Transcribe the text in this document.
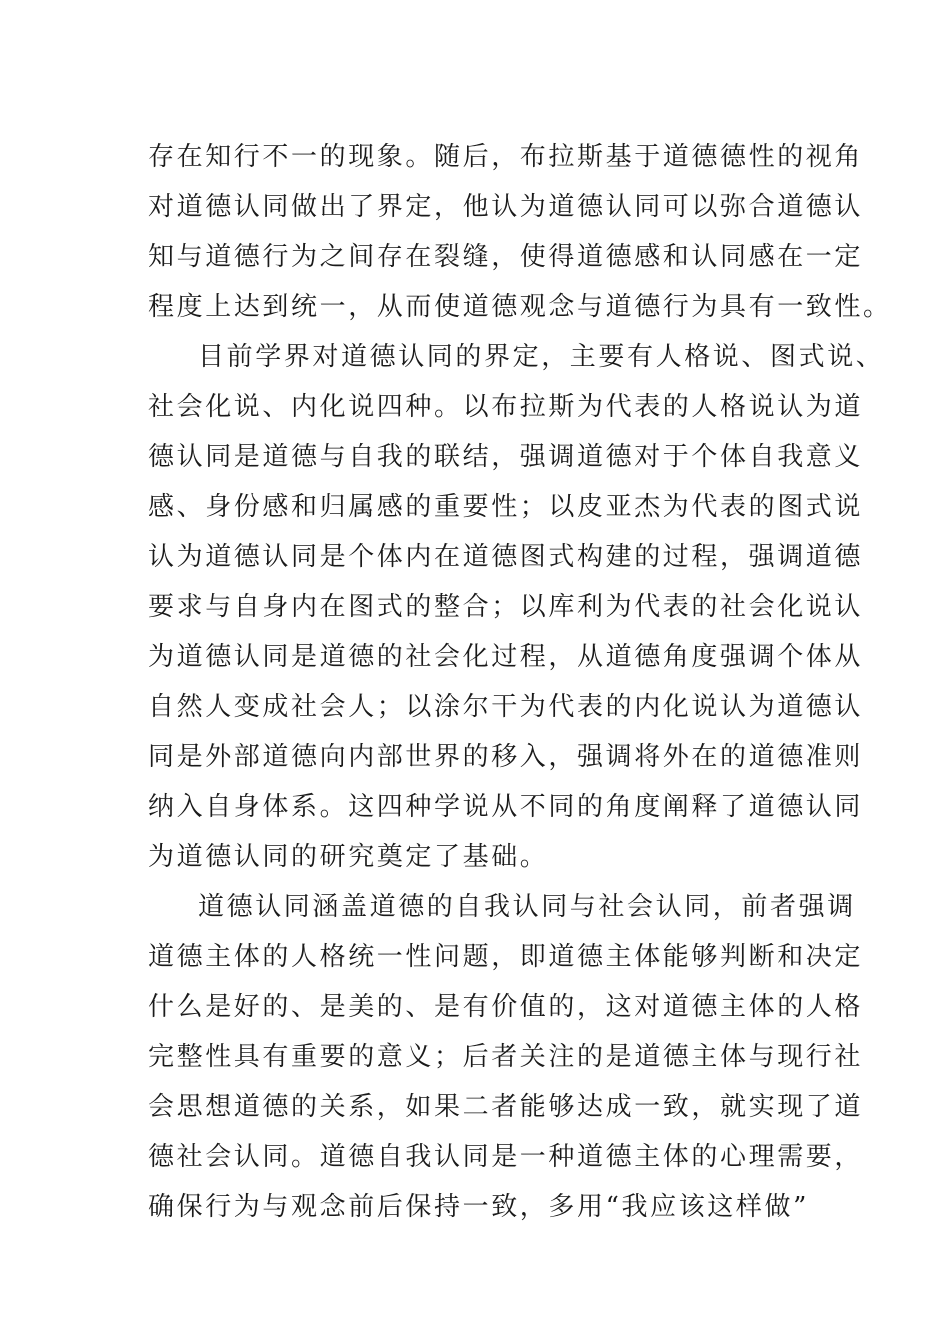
存在知行不一的现象。随后，布拉斯基于道德德性的视角
对道德认同做出了界定，他认为道德认同可以弥合道德认
知与道德行为之间存在裂缝，使得道德感和认同感在一定
程度上达到统一，从而使道德观念与道德行为具有一致性。
目前学界对道德认同的界定，主要有人格说、图式说、
社会化说、内化说四种。以布拉斯为代表的人格说认为道
德认同是道德与自我的联结，强调道德对于个体自我意义
感、身份感和归属感的重要性；以皮亚杰为代表的图式说
认为道德认同是个体内在道德图式构建的过程，强调道德
要求与自身内在图式的整合；以库利为代表的社会化说认
为道德认同是道德的社会化过程，从道德角度强调个体从
自然人变成社会人；以涂尔干为代表的内化说认为道德认
同是外部道德向内部世界的移入，强调将外在的道德准则
纳入自身体系。这四种学说从不同的角度阐释了道德认同
为道德认同的研究奠定了基础。
道德认同涵盖道德的自我认同与社会认同，前者强调
道德主体的人格统一性问题，即道德主体能够判断和决定
什么是好的、是美的、是有价值的，这对道德主体的人格
完整性具有重要的意义；后者关注的是道德主体与现行社
会思想道德的关系，如果二者能够达成一致，就实现了道
德社会认同。道德自我认同是一种道德主体的心理需要，
确保行为与观念前后保持一致，多用“我应该这样做”
